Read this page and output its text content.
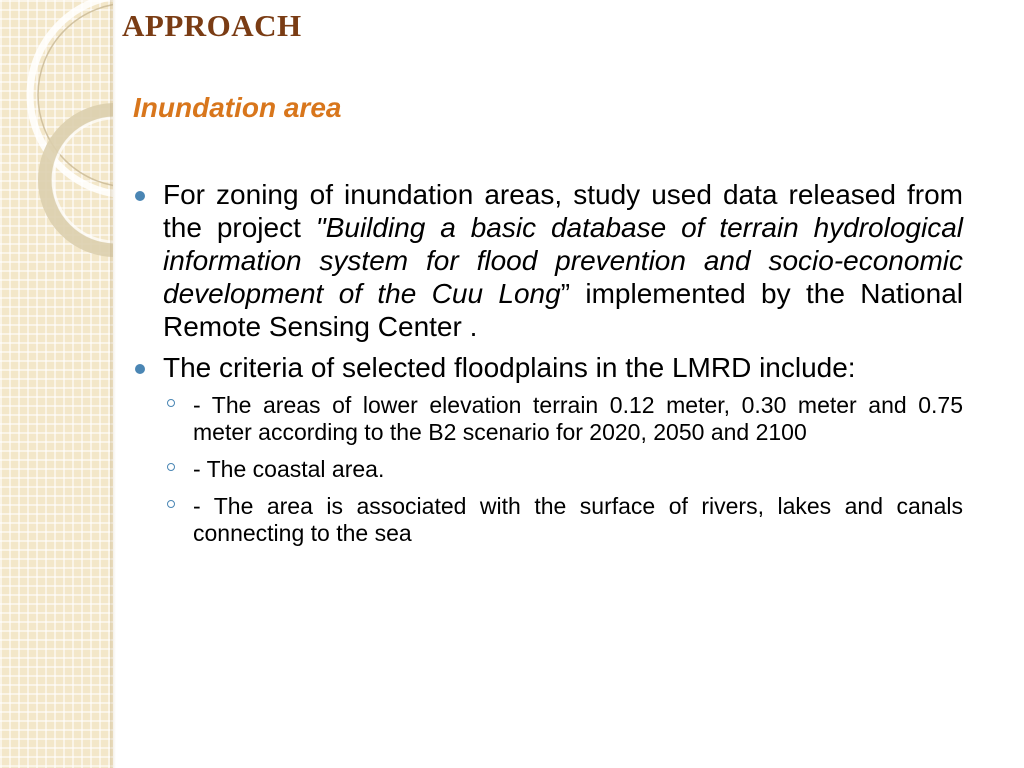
APPROACH
Inundation area
For zoning of inundation areas, study used data released from the project "Building a basic database of terrain hydrological information system for flood prevention and socio-economic development of the Cuu Long” implemented by the National Remote Sensing Center .
The criteria of selected floodplains in the LMRD include:
- The areas of lower elevation terrain 0.12 meter, 0.30 meter and 0.75 meter according to the B2 scenario for 2020, 2050 and 2100
- The coastal area.
- The area is associated with the surface of rivers, lakes and canals connecting to the sea
